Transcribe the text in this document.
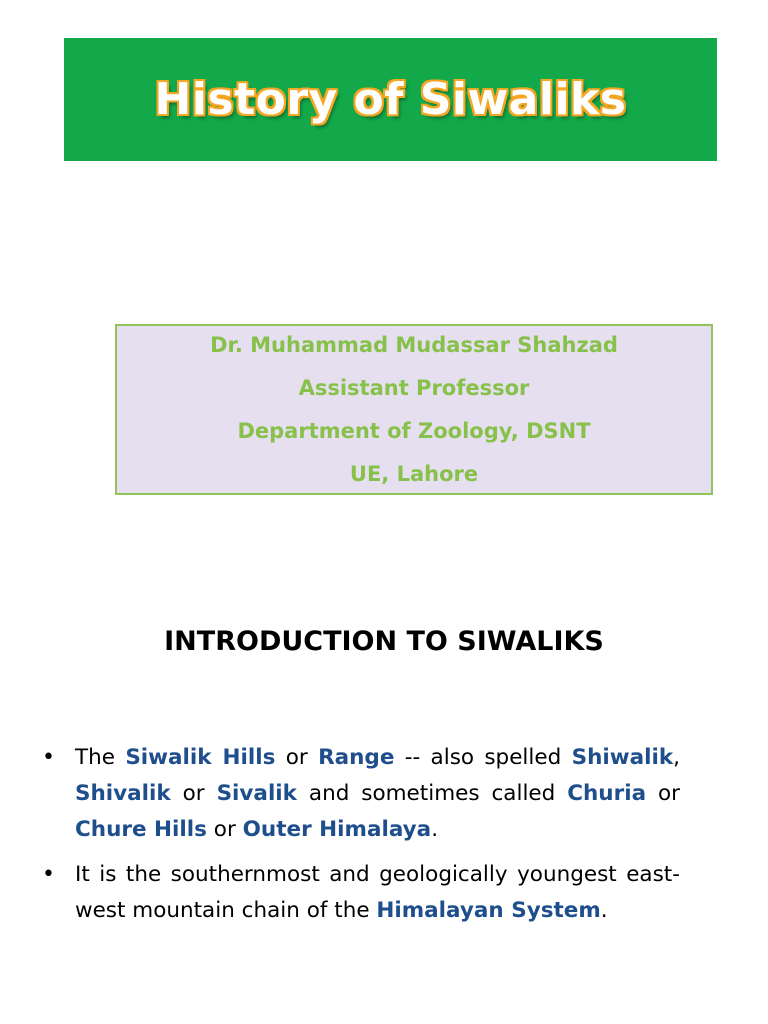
History of Siwaliks
Dr. Muhammad Mudassar Shahzad
Assistant Professor
Department of Zoology, DSNT
UE, Lahore
INTRODUCTION TO SIWALIKS
• The Siwalik Hills or Range -- also spelled Shiwalik, Shivalik or Sivalik and sometimes called Churia or Chure Hills or Outer Himalaya.
• It is the southernmost and geologically youngest east-west mountain chain of the Himalayan System.
